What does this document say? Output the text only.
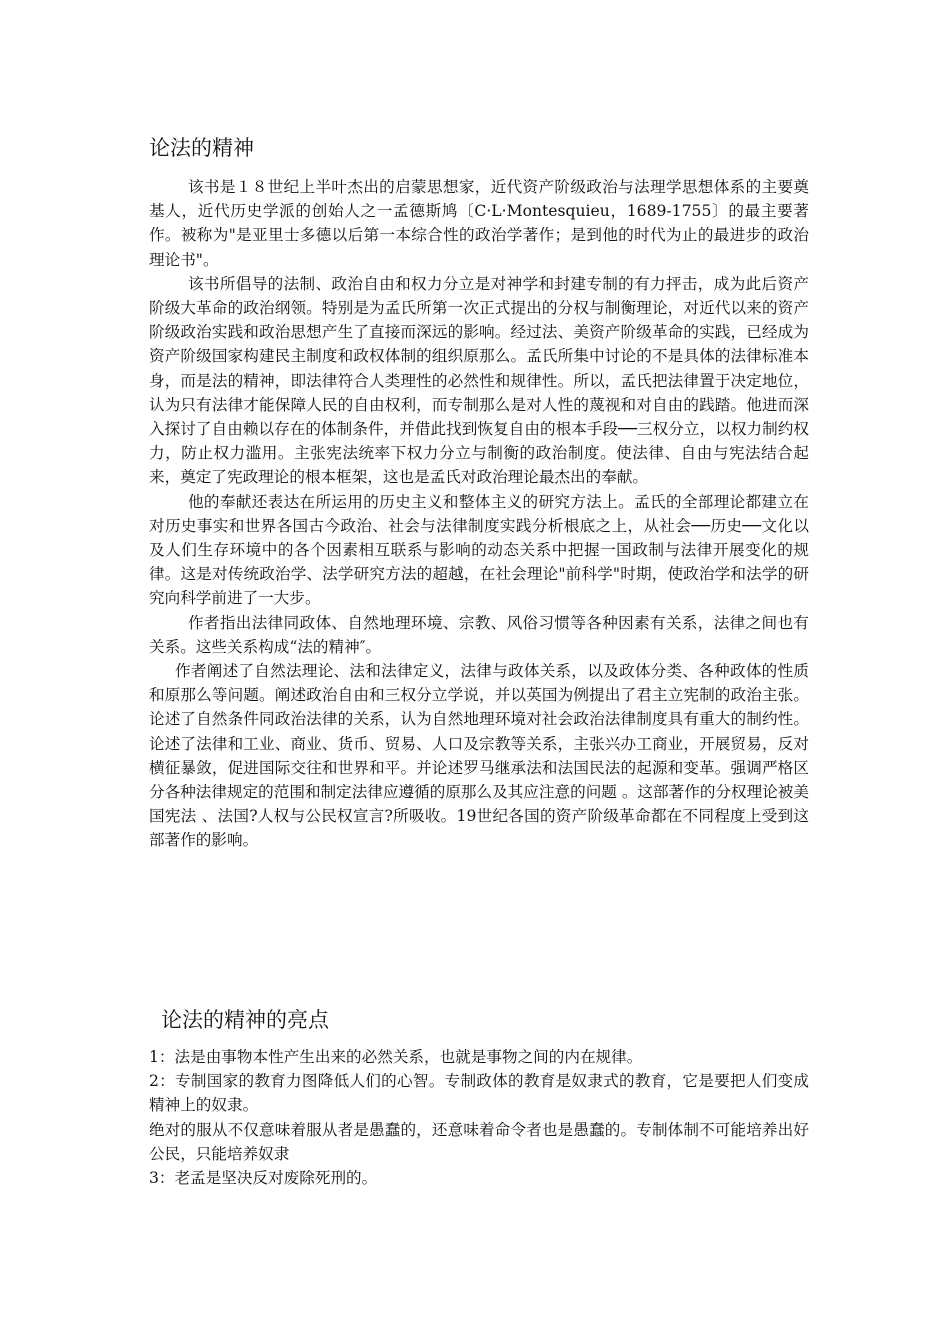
论法的精神

该书是１８世纪上半叶杰出的启蒙思想家，近代资产阶级政治与法理学思想体系的主要奠基人，近代历史学派的创始人之一孟德斯鸠〔C·L·Montesquieu，1689-1755〕的最主要著作。被称为"是亚里士多德以后第一本综合性的政治学著作；是到他的时代为止的最进步的政治理论书"。

该书所倡导的法制、政治自由和权力分立是对神学和封建专制的有力抨击，成为此后资产阶级大革命的政治纲领。特别是为孟氏所第一次正式提出的分权与制衡理论，对近代以来的资产阶级政治实践和政治思想产生了直接而深远的影响。经过法、美资产阶级革命的实践，已经成为资产阶级国家构建民主制度和政权体制的组织原那么。孟氏所集中讨论的不是具体的法律标准本身，而是法的精神，即法律符合人类理性的必然性和规律性。所以，孟氏把法律置于决定地位，认为只有法律才能保障人民的自由权利，而专制那么是对人性的蔑视和对自由的践踏。他进而深入探讨了自由赖以存在的体制条件，并借此找到恢复自由的根本手段──三权分立，以权力制约权力，防止权力滥用。主张宪法统率下权力分立与制衡的政治制度。使法律、自由与宪法结合起来，奠定了宪政理论的根本框架，这也是孟氏对政治理论最杰出的奉献。

他的奉献还表达在所运用的历史主义和整体主义的研究方法上。孟氏的全部理论都建立在对历史事实和世界各国古今政治、社会与法律制度实践分析根底之上，从社会──历史──文化以及人们生存环境中的各个因素相互联系与影响的动态关系中把握一国政制与法律开展变化的规律。这是对传统政治学、法学研究方法的超越，在社会理论"前科学"时期，使政治学和法学的研究向科学前进了一大步。

作者指出法律同政体、自然地理环境、宗教、风俗习惯等各种因素有关系，法律之间也有关系。这些关系构成“法的精神″。

作者阐述了自然法理论、法和法律定义，法律与政体关系，以及政体分类、各种政体的性质和原那么等问题。阐述政治自由和三权分立学说，并以英国为例提出了君主立宪制的政治主张。论述了自然条件同政治法律的关系，认为自然地理环境对社会政治法律制度具有重大的制约性。论述了法律和工业、商业、货币、贸易、人口及宗教等关系，主张兴办工商业，开展贸易，反对横征暴敛，促进国际交往和世界和平。并论述罗马继承法和法国民法的起源和变革。强调严格区分各种法律规定的范围和制定法律应遵循的原那么及其应注意的问题 。这部著作的分权理论被美国宪法 、法国?人权与公民权宣言?所吸收。19世纪各国的资产阶级革命都在不同程度上受到这部著作的影响。

论法的精神的亮点

1：法是由事物本性产生出来的必然关系，也就是事物之间的内在规律。

2：专制国家的教育力图降低人们的心智。专制政体的教育是奴隶式的教育，它是要把人们变成精神上的奴隶。

绝对的服从不仅意味着服从者是愚蠢的，还意味着命令者也是愚蠢的。专制体制不可能培养出好公民，只能培养奴隶

3：老孟是坚决反对废除死刑的。
